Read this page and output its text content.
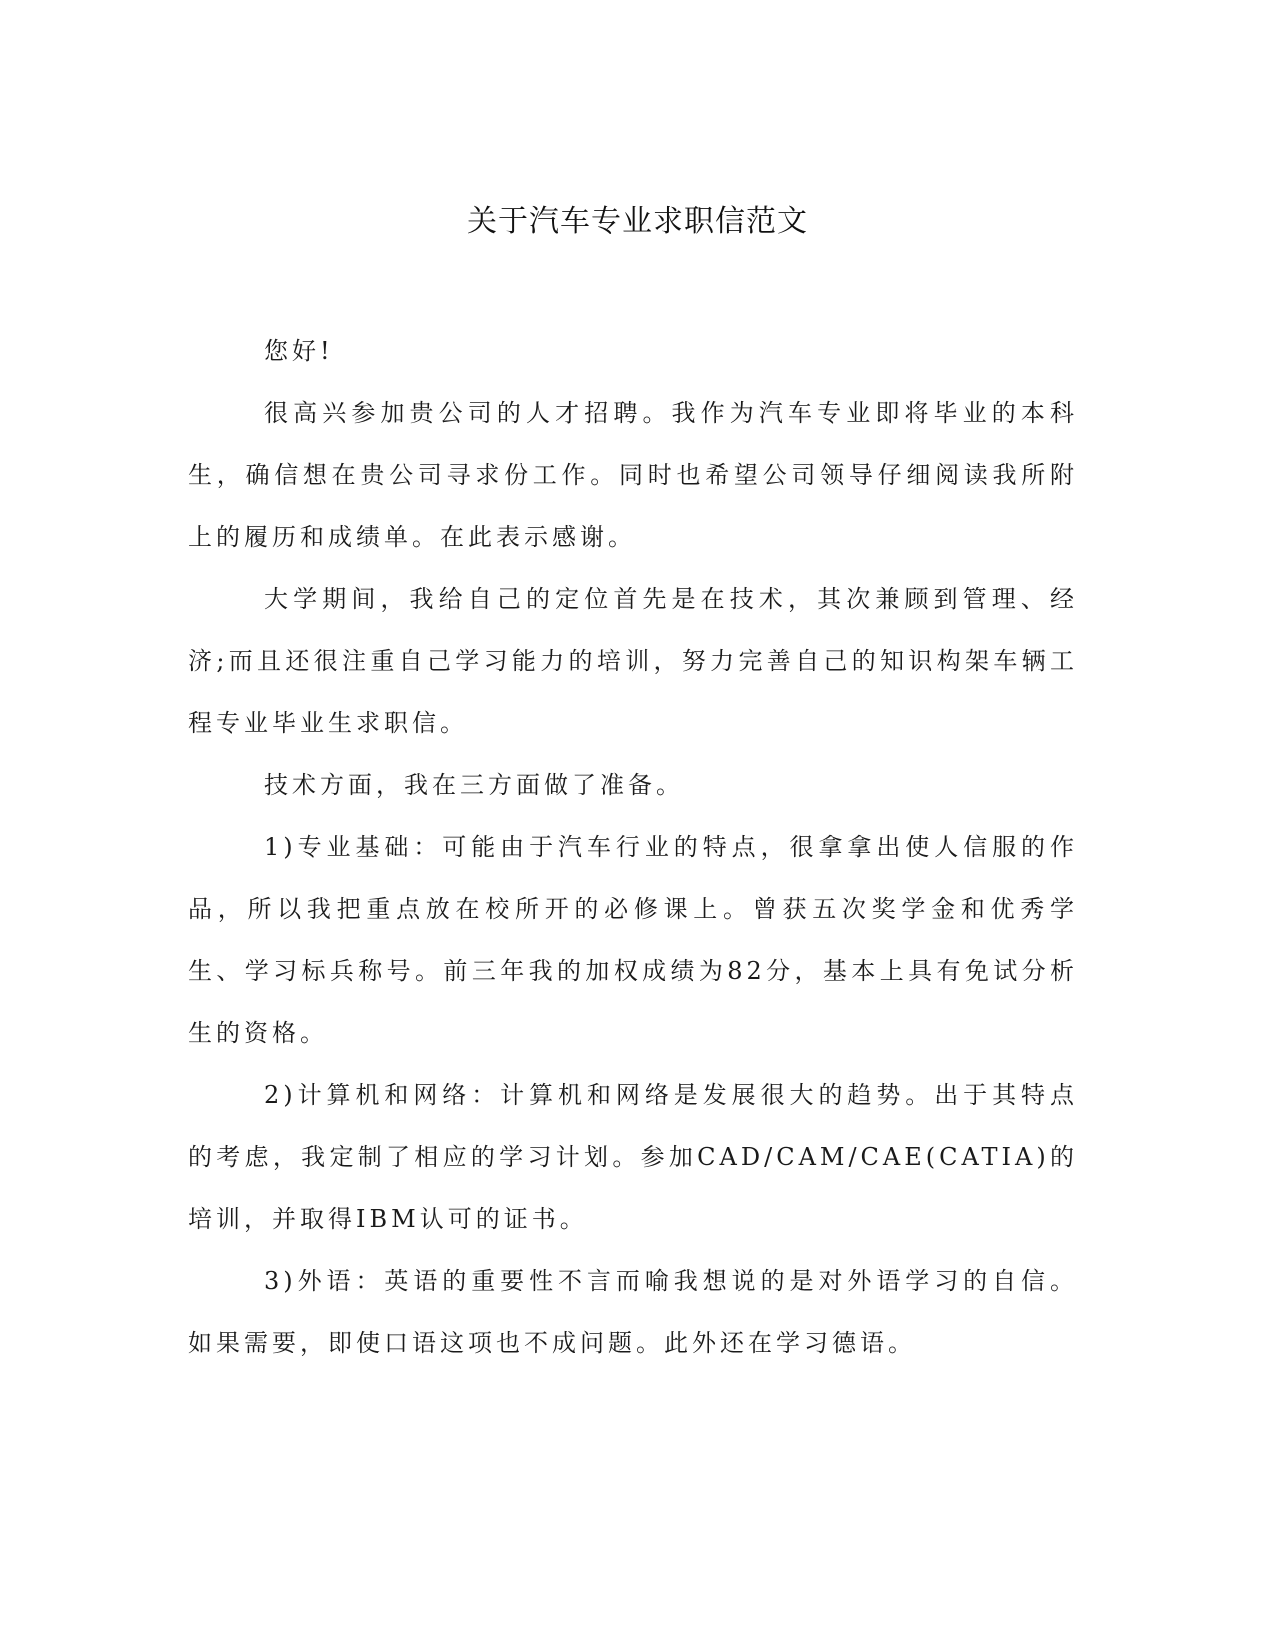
关于汽车专业求职信范文

您好!

很高兴参加贵公司的人才招聘。我作为汽车专业即将毕业的本科生，确信想在贵公司寻求份工作。同时也希望公司领导仔细阅读我所附上的履历和成绩单。在此表示感谢。

大学期间，我给自己的定位首先是在技术，其次兼顾到管理、经济;而且还很注重自己学习能力的培训，努力完善自己的知识构架车辆工程专业毕业生求职信。

技术方面，我在三方面做了准备。

1)专业基础：可能由于汽车行业的特点，很拿拿出使人信服的作品，所以我把重点放在校所开的必修课上。曾获五次奖学金和优秀学生、学习标兵称号。前三年我的加权成绩为82分，基本上具有免试分析生的资格。

2)计算机和网络：计算机和网络是发展很大的趋势。出于其特点的考虑，我定制了相应的学习计划。参加CAD/CAM/CAE(CATIA)的培训，并取得IBM认可的证书。

3)外语：英语的重要性不言而喻我想说的是对外语学习的自信。如果需要，即使口语这项也不成问题。此外还在学习德语。
